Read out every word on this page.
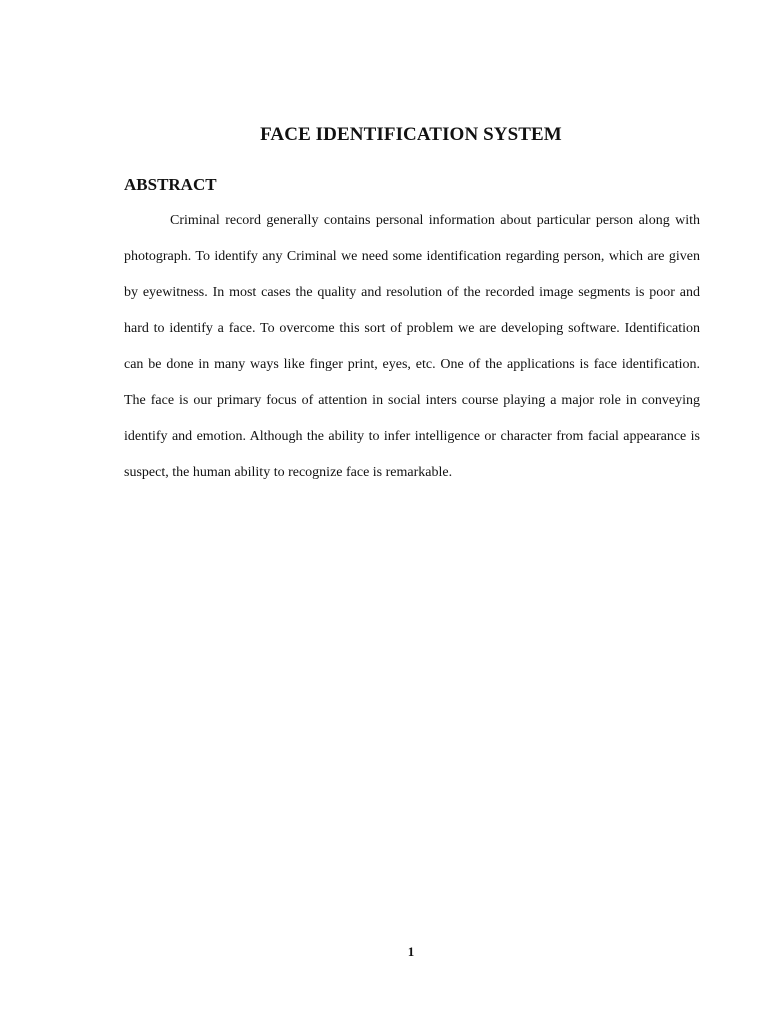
FACE IDENTIFICATION SYSTEM
ABSTRACT

Criminal record generally contains personal information about particular person along with photograph. To identify any Criminal we need some identification regarding person, which are given by eyewitness. In most cases the quality and resolution of the recorded image segments is poor and hard to identify a face. To overcome this sort of problem we are developing software. Identification can be done in many ways like finger print, eyes, etc. One of the applications is face identification. The face is our primary focus of attention in social inters course playing a major role in conveying identify and emotion. Although the ability to infer intelligence or character from facial appearance is suspect, the human ability to recognize face is remarkable.

1
